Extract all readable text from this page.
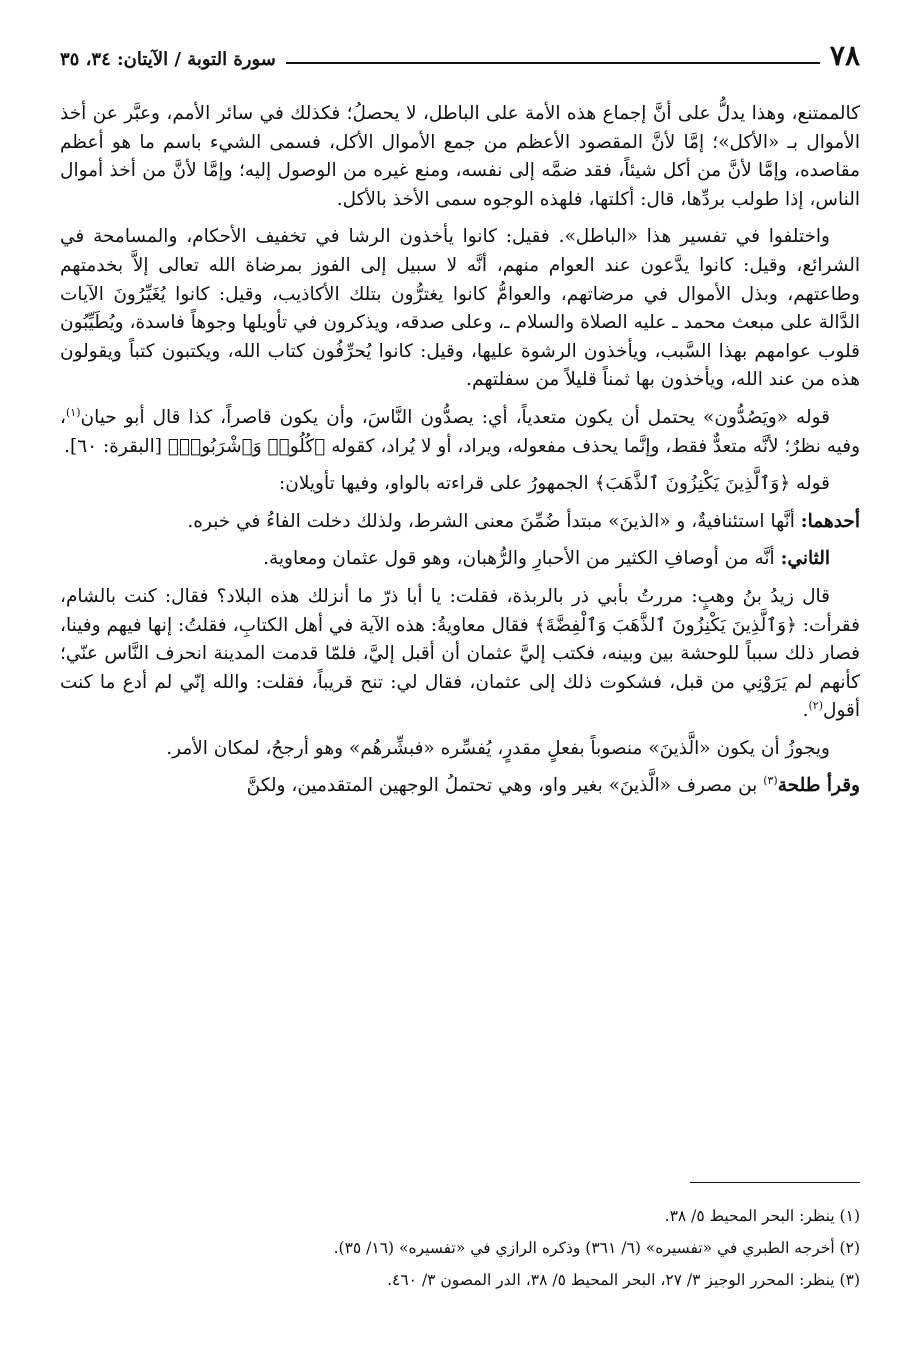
٧٨
سورة التوبة / الآيتان: ٣٤، ٣٥

كالممتنع، وهذا يدلُّ على أنَّ إجماع هذه الأمة على الباطل، لا يحصلُ؛ فكذلك في سائر الأمم، وعبَّر عن أخذ الأموال بـ «الأكل»؛ إمَّا لأنَّ المقصود الأعظم من جمع الأموال الأكل، فسمى الشيء باسم ما هو أعظم مقاصده، وإمَّا لأنَّ من أكل شيئاً، فقد ضمَّه إلى نفسه، ومنع غيره من الوصول إليه؛ وإمَّا لأنَّ من أخذ أموال الناس، إذا طولب بردِّها، قال: أكلتها، فلهذه الوجوه سمى الأخذ بالأكل.

واختلفوا في تفسير هذا «الباطل». فقيل: كانوا يأخذون الرشا في تخفيف الأحكام، والمسامحة في الشرائع، وقيل: كانوا يدَّعون عند العوام منهم، أنَّه لا سبيل إلى الفوز بمرضاة الله تعالى إلاَّ بخدمتهم وطاعتهم، وبذل الأموال في مرضاتهم، والعوامُّ كانوا يغترُّون بتلك الأكاذيب، وقيل: كانوا يُغَيِّرُونَ الآيات الدَّالة على مبعث محمد ـ عليه الصلاة والسلام ـ، وعلى صدقه، ويذكرون في تأويلها وجوهاً فاسدة، ويُطَيِّبُون قلوب عوامهم بهذا السَّبب، ويأخذون الرشوة عليها، وقيل: كانوا يُحرِّفُون كتاب الله، ويكتبون كتباً ويقولون هذه من عند الله، ويأخذون بها ثمناً قليلاً من سفلتهم.

قوله «ويَصُدُّون» يحتمل أن يكون متعدياً، أي: يصدُّون النَّاسَ، وأن يكون قاصراً، كذا قال أبو حيان$^{(١)}$، وفيه نظرٌ؛ لأنَّه متعدٌّ فقط، وإنَّما يحذف مفعوله، ويراد، أو لا يُراد، كقوله ﴿كُلُوا۟ وَٱشْرَبُوا۟﴾ [البقرة: ٦٠].

قوله ﴿وَٱلَّذِينَ يَكْنِزُونَ ٱلذَّهَبَ﴾ الجمهورُ على قراءته بالواو، وفيها تأويلان:

أحدهما: أنَّها استئنافيةٌ، و «الذينَ» مبتدأ ضُمِّنَ معنى الشرط، ولذلك دخلت الفاءُ في خبره.

الثاني: أنَّه من أوصافِ الكثير من الأحبارِ والرُّهبان، وهو قول عثمان ومعاوية.

قال زيدُ بنُ وهبٍ: مررتُ بأبي ذر بالربذة، فقلت: يا أبا ذرّ ما أنزلك هذه البلاد؟ فقال: كنت بالشام، فقرأت: ﴿وَٱلَّذِينَ يَكْنِزُونَ ٱلذَّهَبَ وَٱلْفِضَّةَ﴾ فقال معاويةُ: هذه الآية في أهل الكتابِ، فقلتُ: إنها فيهم وفينا، فصار ذلك سبباً للوحشة بين وبينه، فكتب إليَّ عثمان أن أقبل إليَّ، فلمّا قدمت المدينة انحرف النَّاس عنّي؛ كأنهم لم يَرَوْنِي من قبل، فشكوت ذلك إلى عثمان، فقال لي: تنح قريباً، فقلت: والله إنّي لم أدع ما كنت أقول$^{(٢)}$.

ويجوزُ أن يكون «الَّذينَ» منصوباً بفعلٍ مقدرٍ، يُفسِّره «فبشِّرهُم» وهو أرجحُ، لمكان الأمر.

وقرأ طلحة$^{(٣)}$ بن مصرف «الَّذينَ» بغير واو، وهي تحتملُ الوجهين المتقدمين، ولكنَّ

(١) ينظر: البحر المحيط ٥/ ٣٨.
(٢) أخرجه الطبري في «تفسيره» (٦/ ٣٦١) وذكره الرازي في «تفسيره» (١٦/ ٣٥).
(٣) ينظر: المحرر الوجيز ٣/ ٢٧، البحر المحيط ٥/ ٣٨، الدر المصون ٣/ ٤٦٠.
